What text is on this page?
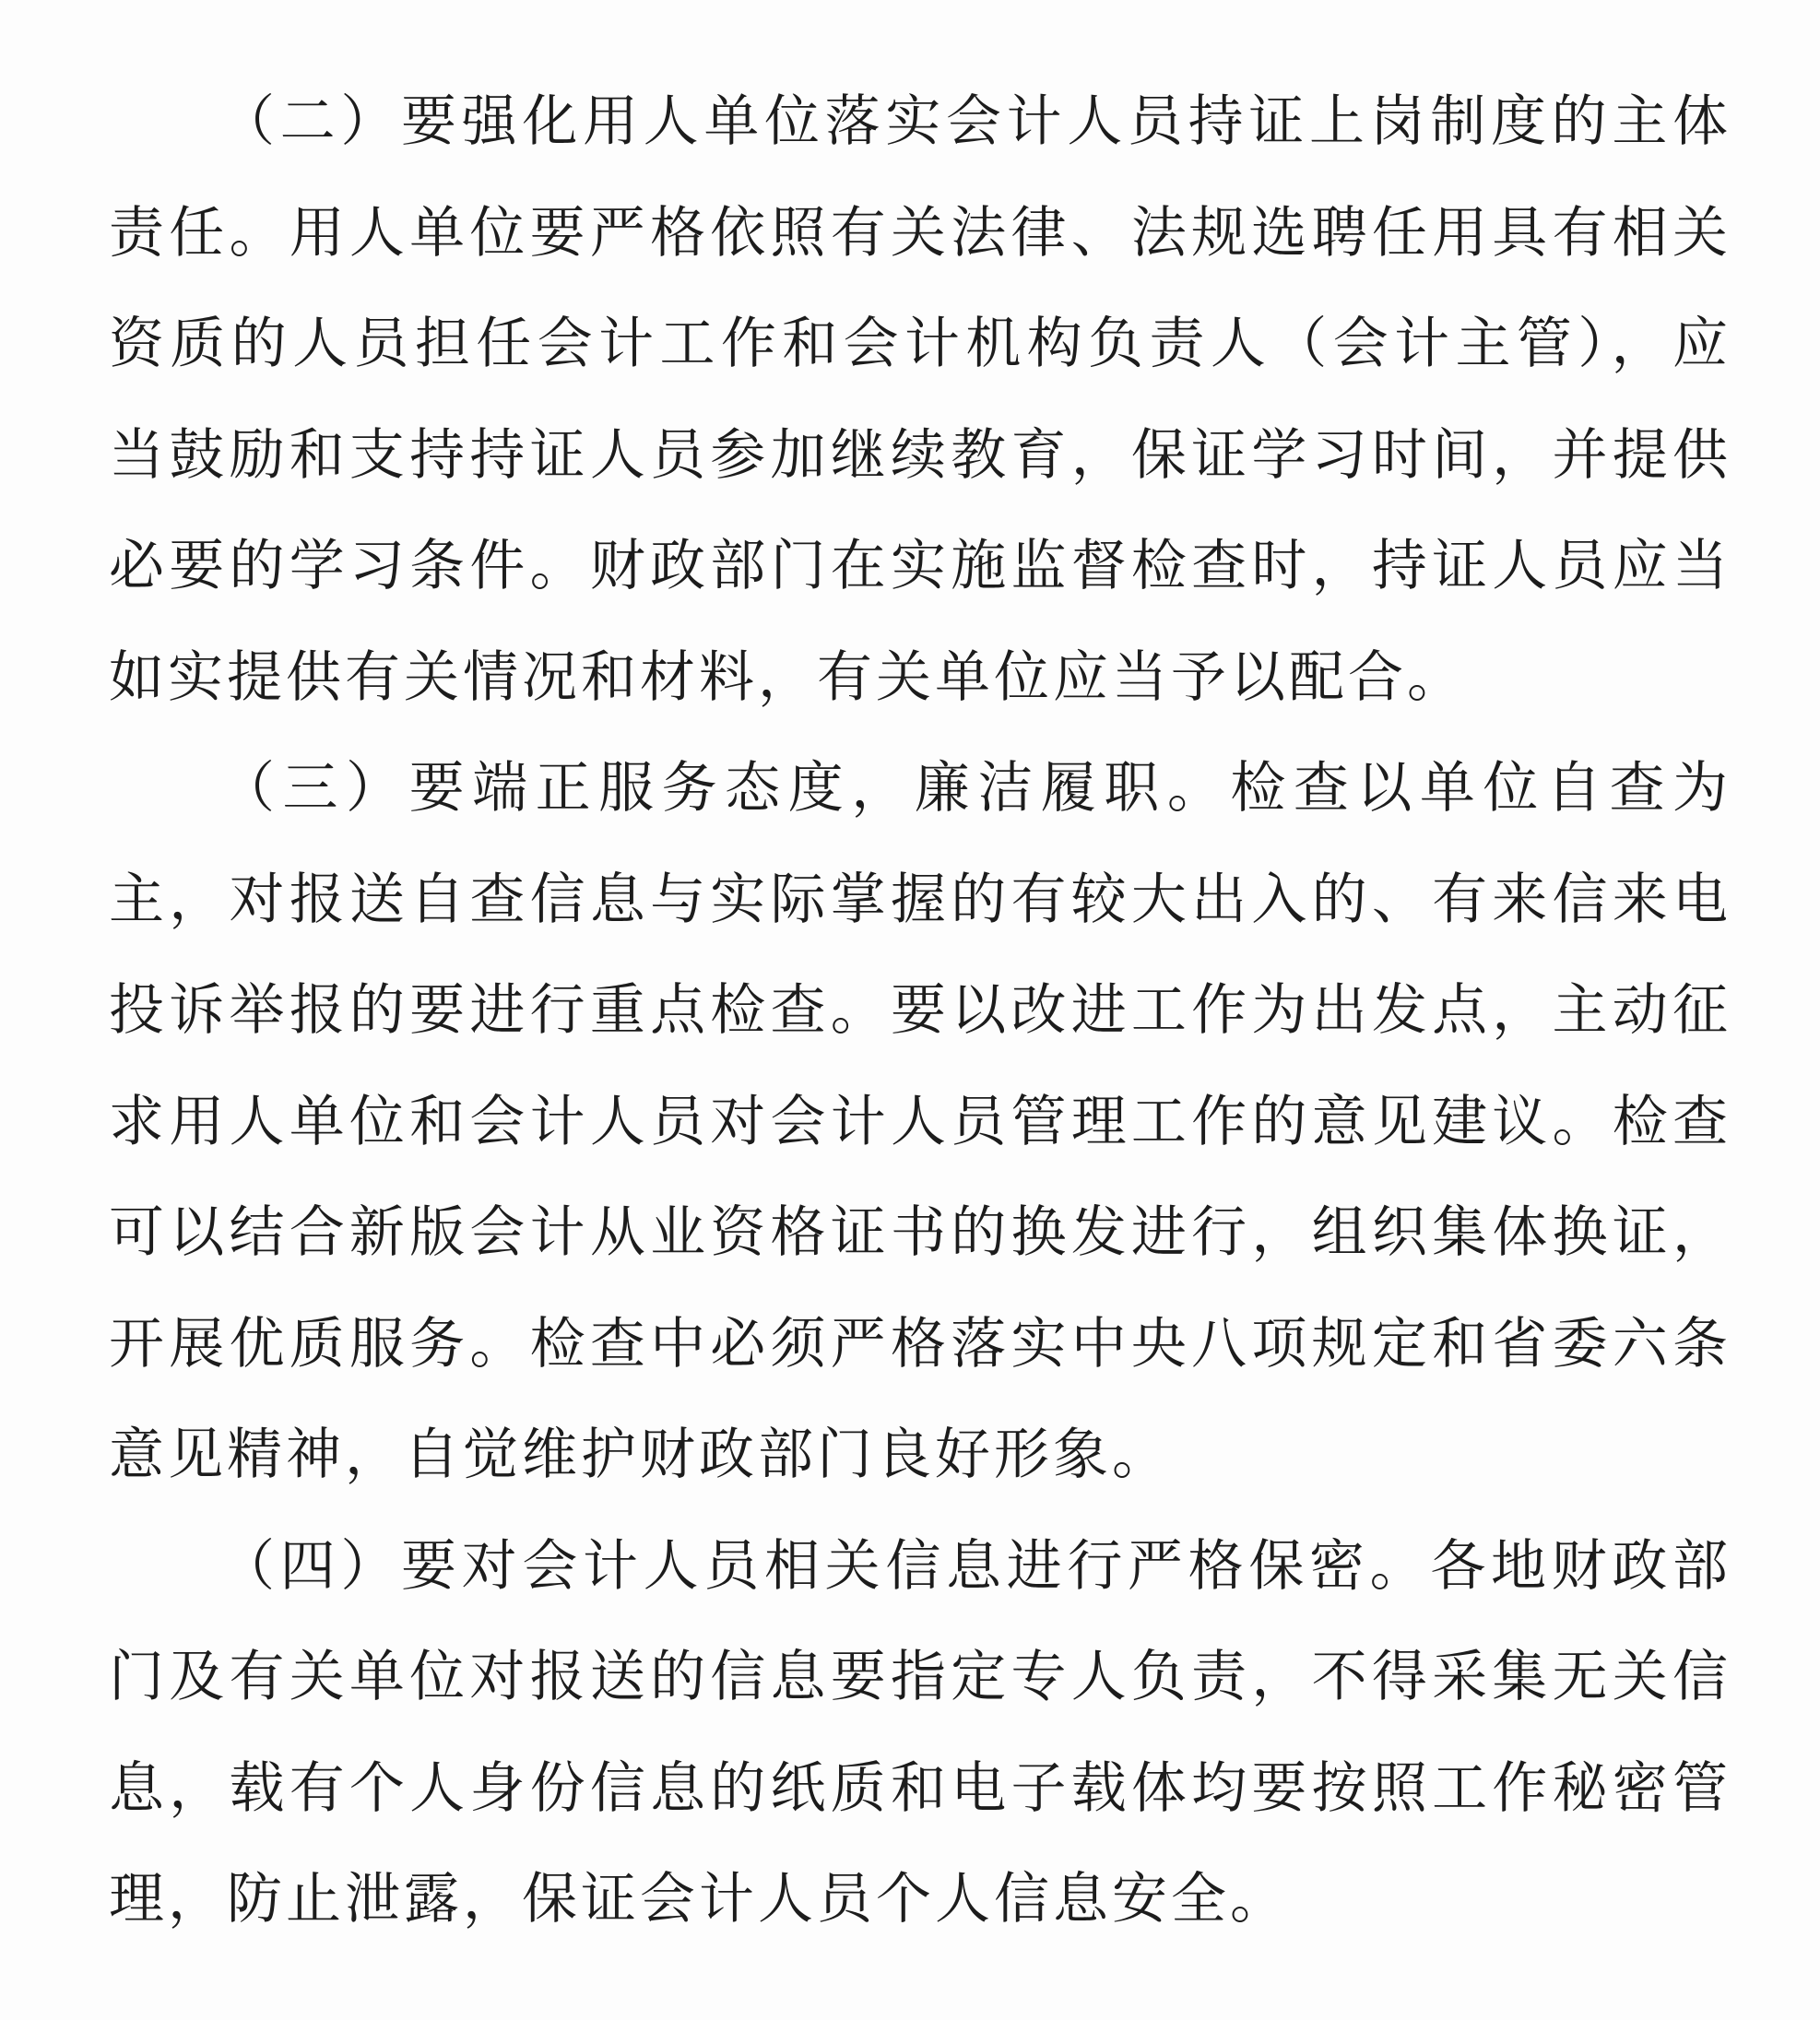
（二）要强化用人单位落实会计人员持证上岗制度的主体责任。用人单位要严格依照有关法律、法规选聘任用具有相关资质的人员担任会计工作和会计机构负责人（会计主管），应当鼓励和支持持证人员参加继续教育，保证学习时间，并提供必要的学习条件。财政部门在实施监督检查时，持证人员应当如实提供有关情况和材料，有关单位应当予以配合。

（三）要端正服务态度，廉洁履职。检查以单位自查为主，对报送自查信息与实际掌握的有较大出入的、有来信来电投诉举报的要进行重点检查。要以改进工作为出发点，主动征求用人单位和会计人员对会计人员管理工作的意见建议。检查可以结合新版会计从业资格证书的换发进行，组织集体换证，开展优质服务。检查中必须严格落实中央八项规定和省委六条意见精神，自觉维护财政部门良好形象。

（四）要对会计人员相关信息进行严格保密。各地财政部门及有关单位对报送的信息要指定专人负责，不得采集无关信息，载有个人身份信息的纸质和电子载体均要按照工作秘密管理，防止泄露，保证会计人员个人信息安全。
